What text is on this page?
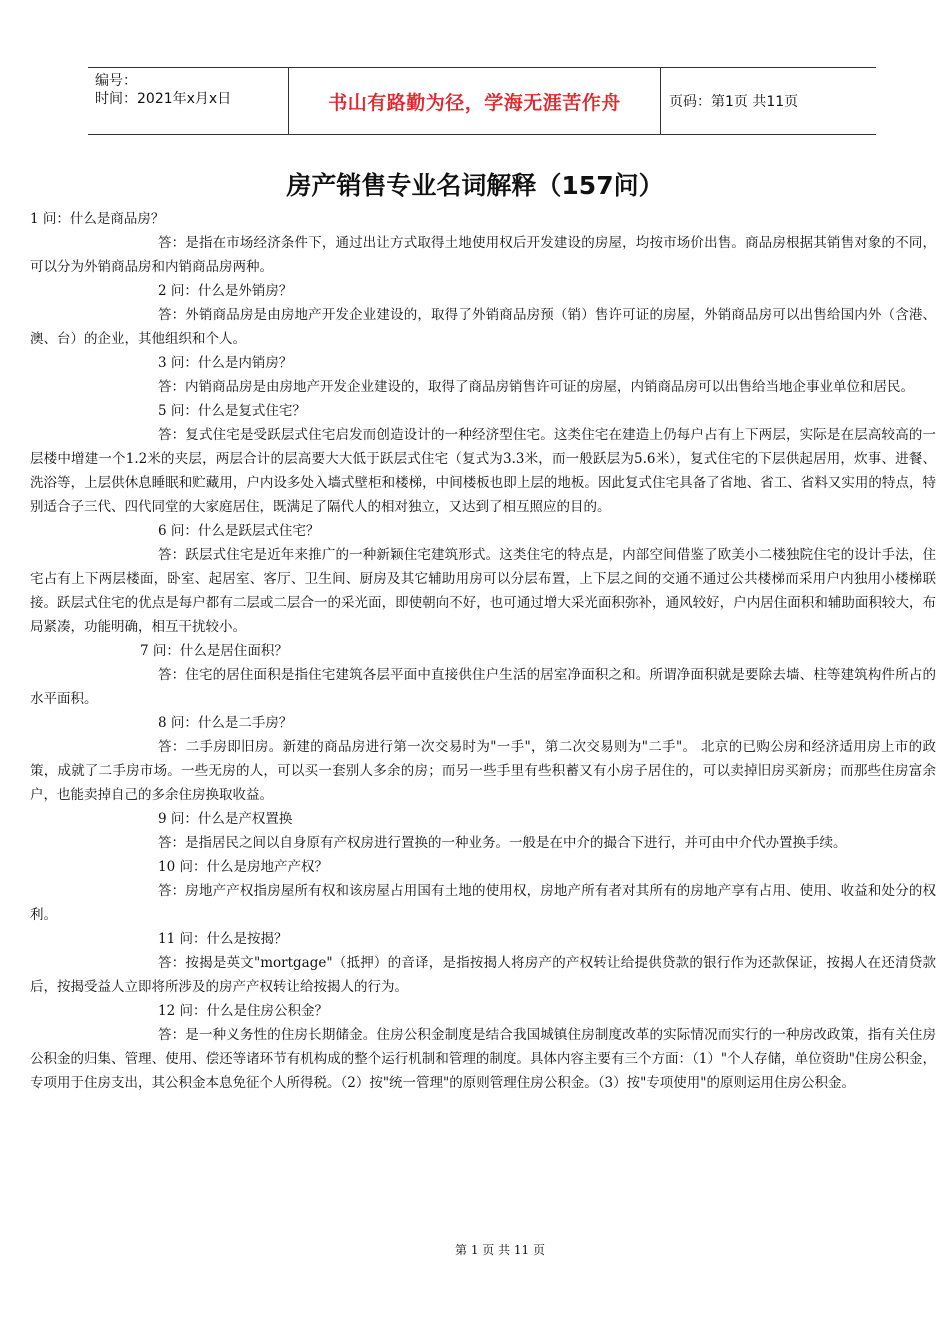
编号：
时间：2021年x月x日	书山有路勤为径，学海无涯苦作舟	页码：第1页 共11页
房产销售专业名词解释（157问）

1 问：什么是商品房？

答：是指在市场经济条件下，通过出让方式取得土地使用权后开发建设的房屋，均按市场价出售。商品房根据其销售对象的不同，可以分为外销商品房和内销商品房两种。

2 问：什么是外销房？

答：外销商品房是由房地产开发企业建设的，取得了外销商品房预（销）售许可证的房屋，外销商品房可以出售给国内外（含港、澳、台）的企业，其他组织和个人。

3 问：什么是内销房？

答：内销商品房是由房地产开发企业建设的，取得了商品房销售许可证的房屋，内销商品房可以出售给当地企事业单位和居民。

5 问：什么是复式住宅？

答：复式住宅是受跃层式住宅启发而创造设计的一种经济型住宅。这类住宅在建造上仍每户占有上下两层，实际是在层高较高的一层楼中增建一个1.2米的夹层，两层合计的层高要大大低于跃层式住宅（复式为3.3米，而一般跃层为5.6米），复式住宅的下层供起居用，炊事、进餐、洗浴等，上层供休息睡眠和贮藏用，户内设多处入墙式壁柜和楼梯，中间楼板也即上层的地板。因此复式住宅具备了省地、省工、省料又实用的特点，特别适合子三代、四代同堂的大家庭居住，既满足了隔代人的相对独立，又达到了相互照应的目的。

6 问：什么是跃层式住宅？

答：跃层式住宅是近年来推广的一种新颖住宅建筑形式。这类住宅的特点是，内部空间借鉴了欧美小二楼独院住宅的设计手法，住宅占有上下两层楼面，卧室、起居室、客厅、卫生间、厨房及其它辅助用房可以分层布置，上下层之间的交通不通过公共楼梯而采用户内独用小楼梯联接。跃层式住宅的优点是每户都有二层或二层合一的采光面，即使朝向不好，也可通过增大采光面积弥补，通风较好，户内居住面积和辅助面积较大，布局紧凑，功能明确，相互干扰较小。

7 问：什么是居住面积？

答：住宅的居住面积是指住宅建筑各层平面中直接供住户生活的居室净面积之和。所谓净面积就是要除去墙、柱等建筑构件所占的水平面积。

8 问：什么是二手房？

答：二手房即旧房。新建的商品房进行第一次交易时为"一手"，第二次交易则为"二手"。 北京的已购公房和经济适用房上市的政策，成就了二手房市场。一些无房的人，可以买一套别人多余的房；而另一些手里有些积蓄又有小房子居住的，可以卖掉旧房买新房；而那些住房富余户，也能卖掉自己的多余住房换取收益。

9 问：什么是产权置换

答：是指居民之间以自身原有产权房进行置换的一种业务。一般是在中介的撮合下进行，并可由中介代办置换手续。

10 问：什么是房地产产权？

答：房地产产权指房屋所有权和该房屋占用国有土地的使用权，房地产所有者对其所有的房地产享有占用、使用、收益和处分的权利。

11 问：什么是按揭？

答：按揭是英文"mortgage"（抵押）的音译，是指按揭人将房产的产权转让给提供贷款的银行作为还款保证，按揭人在还清贷款后，按揭受益人立即将所涉及的房产产权转让给按揭人的行为。

12 问：什么是住房公积金？

答：是一种义务性的住房长期储金。住房公积金制度是结合我国城镇住房制度改革的实际情况而实行的一种房改政策，指有关住房公积金的归集、管理、使用、偿还等诸环节有机构成的整个运行机制和管理的制度。具体内容主要有三个方面：（1）"个人存储，单位资助"住房公积金，专项用于住房支出，其公积金本息免征个人所得税。（2）按"统一管理"的原则管理住房公积金。（3）按"专项使用"的原则运用住房公积金。

第 1 页 共 11 页
